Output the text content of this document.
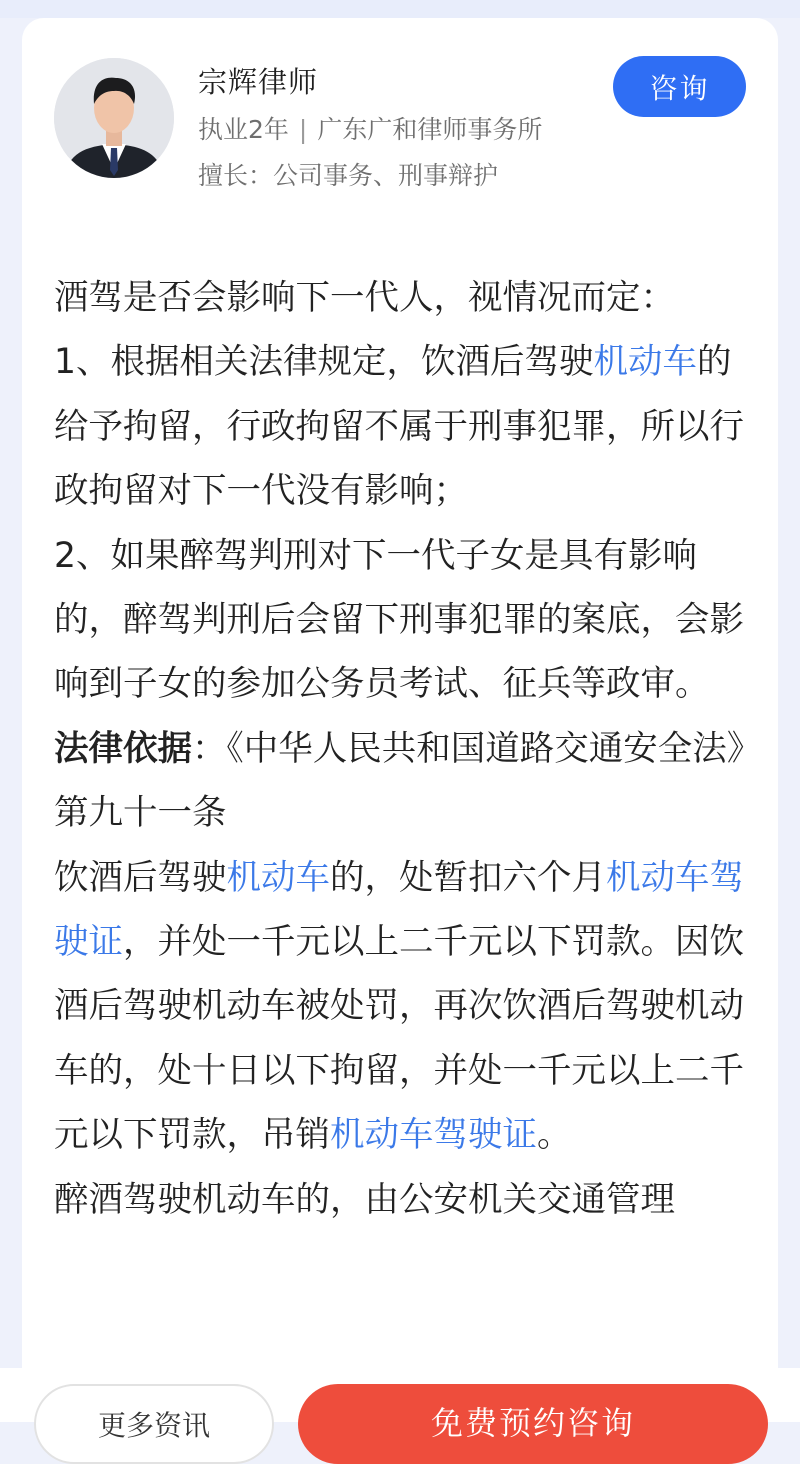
宗辉律师
执业2年 | 广东广和律师事务所
擅长：公司事务、刑事辩护
咨询

酒驾是否会影响下一代人，视情况而定：

1、根据相关法律规定，饮酒后驾驶机动车的给予拘留，行政拘留不属于刑事犯罪，所以行政拘留对下一代没有影响；

2、如果醉驾判刑对下一代子女是具有影响的，醉驾判刑后会留下刑事犯罪的案底，会影响到子女的参加公务员考试、征兵等政审。

法律依据：《中华人民共和国道路交通安全法》第九十一条

饮酒后驾驶机动车的，处暂扣六个月机动车驾驶证，并处一千元以上二千元以下罚款。因饮酒后驾驶机动车被处罚，再次饮酒后驾驶机动车的，处十日以下拘留，并处一千元以上二千元以下罚款，吊销机动车驾驶证。

醉酒驾驶机动车的，由公安机关交通管理

更多资讯	免费预约咨询
